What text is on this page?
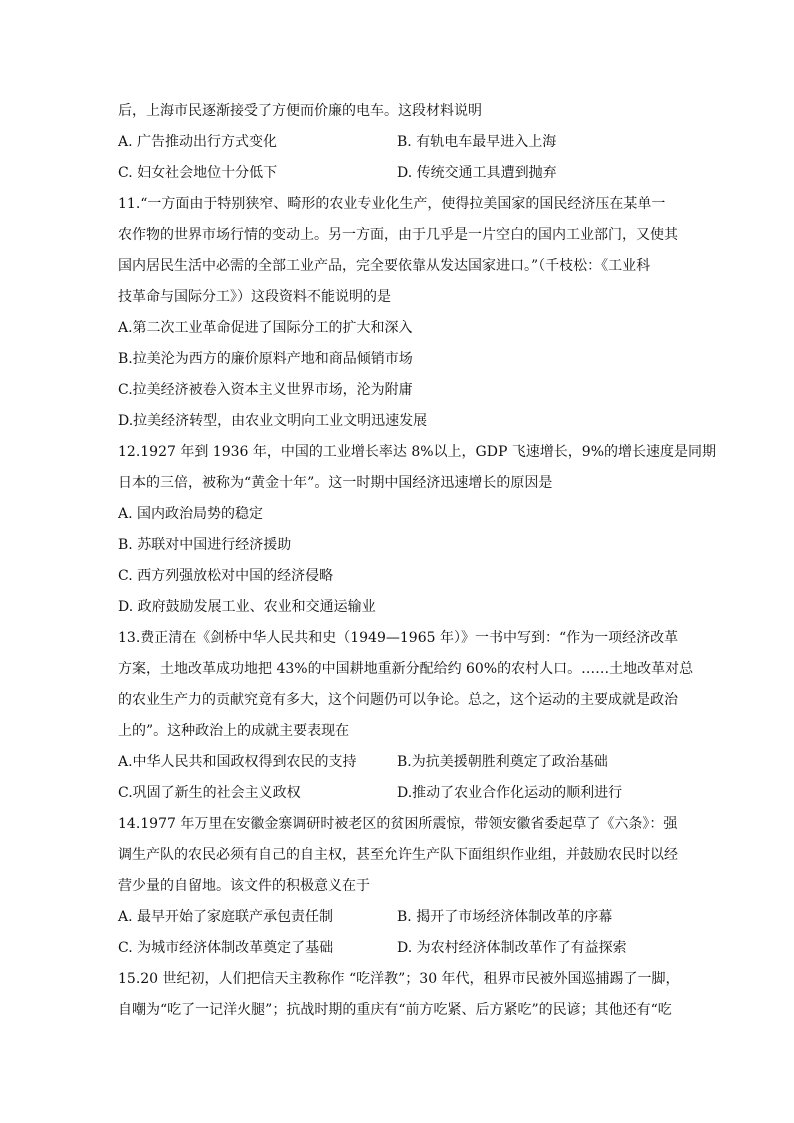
后，上海市民逐渐接受了方便而价廉的电车。这段材料说明
A. 广告推动出行方式变化	B. 有轨电车最早进入上海
C. 妇女社会地位十分低下	D. 传统交通工具遭到抛弃
11.“一方面由于特别狭窄、畸形的农业专业化生产，使得拉美国家的国民经济压在某单一
农作物的世界市场行情的变动上。另一方面，由于几乎是一片空白的国内工业部门，又使其
国内居民生活中必需的全部工业产品，完全要依靠从发达国家进口。”（千枝松：《工业科
技革命与国际分工》）这段资料不能说明的是
A.第二次工业革命促进了国际分工的扩大和深入
B.拉美沦为西方的廉价原料产地和商品倾销市场
C.拉美经济被卷入资本主义世界市场，沦为附庸
D.拉美经济转型，由农业文明向工业文明迅速发展
12.1927 年到 1936 年，中国的工业增长率达 8%以上，GDP 飞速增长，9%的增长速度是同期
日本的三倍，被称为“黄金十年”。这一时期中国经济迅速增长的原因是
A. 国内政治局势的稳定
B. 苏联对中国进行经济援助
C. 西方列强放松对中国的经济侵略
D. 政府鼓励发展工业、农业和交通运输业
13.费正清在《剑桥中华人民共和史（1949—1965 年）》一书中写到：“作为一项经济改革
方案，土地改革成功地把 43%的中国耕地重新分配给约 60%的农村人口。……土地改革对总
的农业生产力的贡献究竟有多大，这个问题仍可以争论。总之，这个运动的主要成就是政治
上的”。这种政治上的成就主要表现在
A.中华人民共和国政权得到农民的支持	B.为抗美援朝胜利奠定了政治基础
C.巩固了新生的社会主义政权	D.推动了农业合作化运动的顺利进行
14.1977 年万里在安徽金寨调研时被老区的贫困所震惊，带领安徽省委起草了《六条》：强
调生产队的农民必须有自己的自主权，甚至允许生产队下面组织作业组，并鼓励农民时以经
营少量的自留地。该文件的积极意义在于
A. 最早开始了家庭联产承包责任制	B. 揭开了市场经济体制改革的序幕
C. 为城市经济体制改革奠定了基础	D. 为农村经济体制改革作了有益探索
15.20 世纪初，人们把信天主教称作 “吃洋教”；30 年代，租界市民被外国巡捕踢了一脚，
自嘲为“吃了一记洋火腿”；抗战时期的重庆有“前方吃紧、后方紧吃”的民谚；其他还有“吃
